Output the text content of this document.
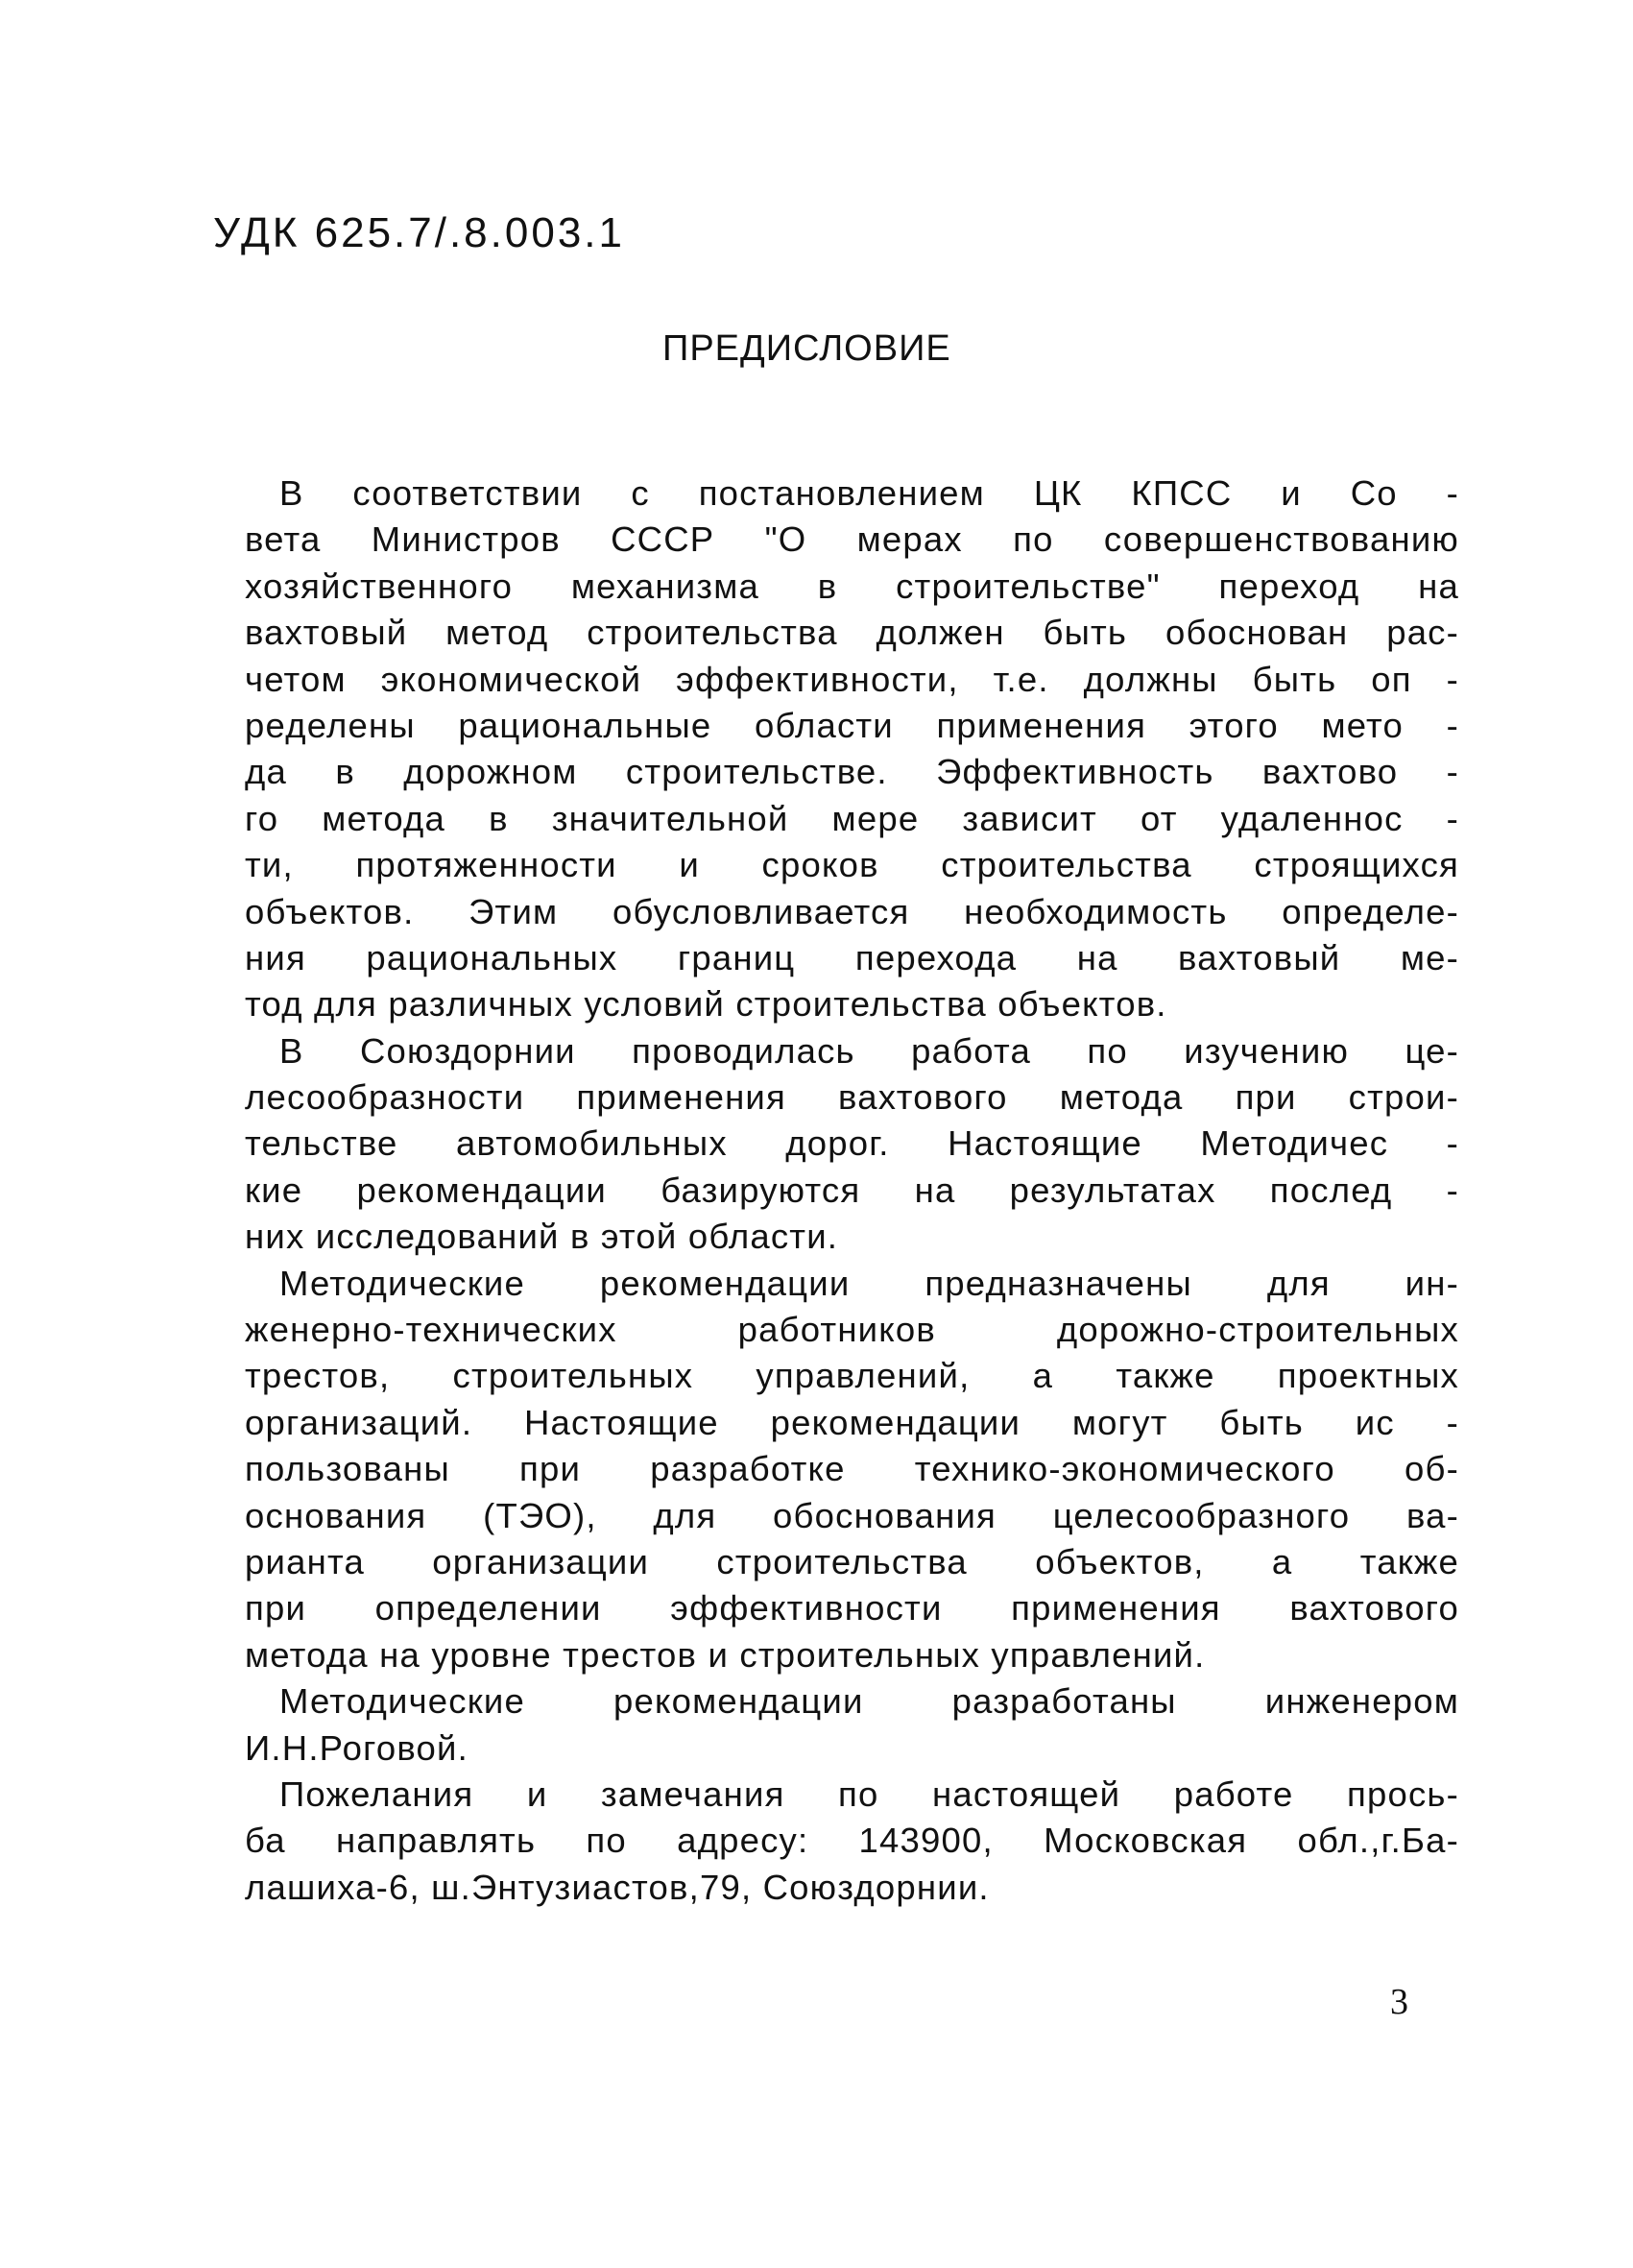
УДК 625.7/.8.003.1
ПРЕДИСЛОВИЕ
В соответствии с постановлением ЦК КПСС и Со -
вета Министров СССР "О мерах по совершенствованию
хозяйственного механизма в строительстве" переход на
вахтовый метод строительства должен быть обоснован рас-
четом экономической эффективности, т.е. должны быть оп -
ределены рациональные области применения этого мето -
да в дорожном строительстве. Эффективность вахтово -
го метода в значительной мере зависит от удаленнос -
ти, протяженности и сроков строительства строящихся
объектов. Этим обусловливается необходимость определе-
ния рациональных границ перехода на вахтовый ме-
тод для различных условий строительства объектов.
В Союздорнии проводилась работа по изучению це-
лесообразности применения вахтового метода при строи-
тельстве автомобильных дорог. Настоящие Методичес -
кие рекомендации базируются на результатах послед -
них исследований в этой области.
Методические рекомендации предназначены для ин-
женерно-технических работников дорожно-строительных
трестов, строительных управлений, а также проектных
организаций. Настоящие рекомендации могут быть ис -
пользованы при разработке технико-экономического об-
основания (ТЭО), для обоснования целесообразного ва-
рианта организации строительства объектов, а также
при определении эффективности применения вахтового
метода на уровне трестов и строительных управлений.
Методические рекомендации разработаны инженером
И.Н.Роговой.
Пожелания и замечания по настоящей работе прось-
ба направлять по адресу: 143900, Московская обл.,г.Ба-
лашиха-6, ш.Энтузиастов,79, Союздорнии.
3
